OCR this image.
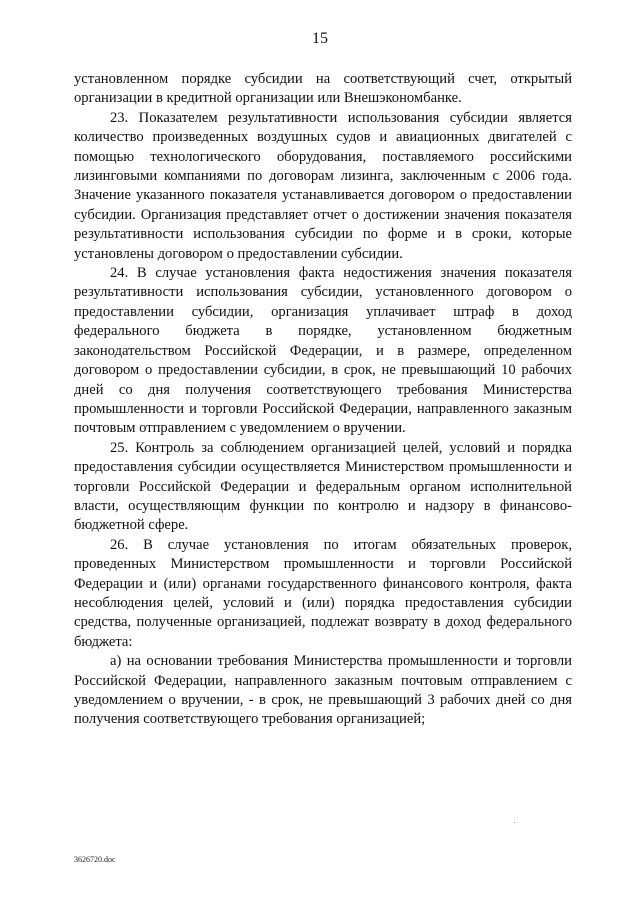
15

установленном порядке субсидии на соответствующий счет, открытый организации в кредитной организации или Внешэкономбанке.

23. Показателем результативности использования субсидии является количество произведенных воздушных судов и авиационных двигателей с помощью технологического оборудования, поставляемого российскими лизинговыми компаниями по договорам лизинга, заключенным с 2006 года. Значение указанного показателя устанавливается договором о предоставлении субсидии. Организация представляет отчет о достижении значения показателя результативности использования субсидии по форме и в сроки, которые установлены договором о предоставлении субсидии.

24. В случае установления факта недостижения значения показателя результативности использования субсидии, установленного договором о предоставлении субсидии, организация уплачивает штраф в доход федерального бюджета в порядке, установленном бюджетным законодательством Российской Федерации, и в размере, определенном договором о предоставлении субсидии, в срок, не превышающий 10 рабочих дней со дня получения соответствующего требования Министерства промышленности и торговли Российской Федерации, направленного заказным почтовым отправлением с уведомлением о вручении.

25. Контроль за соблюдением организацией целей, условий и порядка предоставления субсидии осуществляется Министерством промышленности и торговли Российской Федерации и федеральным органом исполнительной власти, осуществляющим функции по контролю и надзору в финансово-бюджетной сфере.

26. В случае установления по итогам обязательных проверок, проведенных Министерством промышленности и торговли Российской Федерации и (или) органами государственного финансового контроля, факта несоблюдения целей, условий и (или) порядка предоставления субсидии средства, полученные организацией, подлежат возврату в доход федерального бюджета:

а) на основании требования Министерства промышленности и торговли Российской Федерации, направленного заказным почтовым отправлением с уведомлением о вручении, - в срок, не превышающий 3 рабочих дней со дня получения соответствующего требования организацией;

3626720.doc
